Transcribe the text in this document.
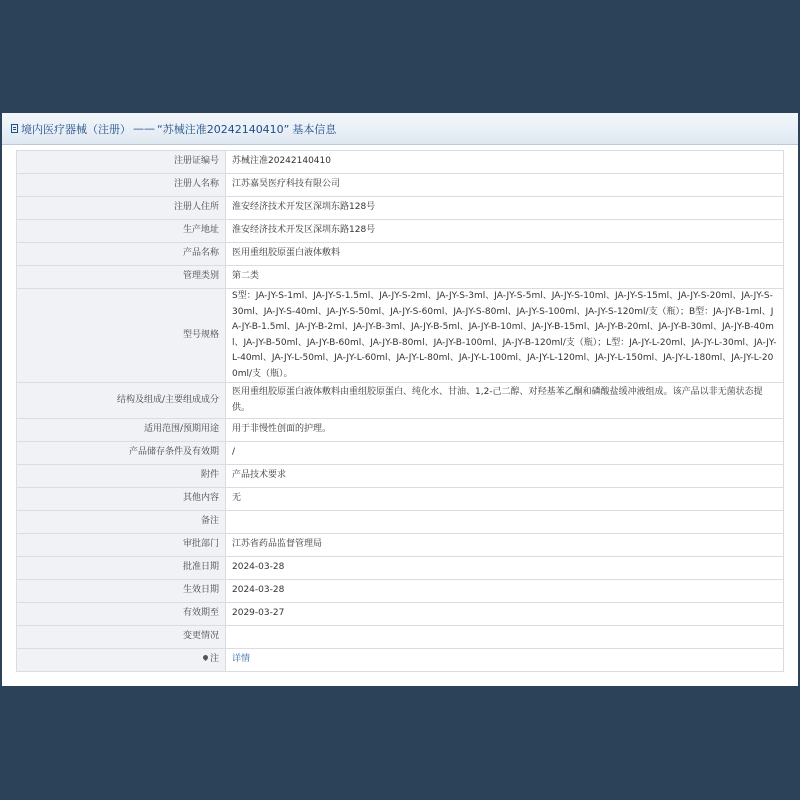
境内医疗器械（注册） —— “苏械注准20242140410” 基本信息
注册证编号	苏械注准20242140410
注册人名称	江苏嘉昊医疗科技有限公司
注册人住所	淮安经济技术开发区深圳东路128号
生产地址	淮安经济技术开发区深圳东路128号
产品名称	医用重组胶原蛋白液体敷料
管理类别	第二类
型号规格	S型：JA-JY-S-1ml、JA-JY-S-1.5ml、JA-JY-S-2ml、JA-JY-S-3ml、JA-JY-S-5ml、JA-JY-S-10ml、JA-JY-S-15ml、JA-JY-S-20ml、JA-JY-S-30ml、JA-JY-S-40ml、JA-JY-S-50ml、JA-JY-S-60ml、JA-JY-S-80ml、JA-JY-S-100ml、JA-JY-S-120ml/支（瓶）；B型：JA-JY-B-1ml、JA-JY-B-1.5ml、JA-JY-B-2ml、JA-JY-B-3ml、JA-JY-B-5ml、JA-JY-B-10ml、JA-JY-B-15ml、JA-JY-B-20ml、JA-JY-B-30ml、JA-JY-B-40ml、JA-JY-B-50ml、JA-JY-B-60ml、JA-JY-B-80ml、JA-JY-B-100ml、JA-JY-B-120ml/支（瓶）；L型：JA-JY-L-20ml、JA-JY-L-30ml、JA-JY-L-40ml、JA-JY-L-50ml、JA-JY-L-60ml、JA-JY-L-80ml、JA-JY-L-100ml、JA-JY-L-120ml、JA-JY-L-150ml、JA-JY-L-180ml、JA-JY-L-200ml/支（瓶）。
结构及组成/主要组成成分	医用重组胶原蛋白液体敷料由重组胶原蛋白、纯化水、甘油、1,2-己二醇、对羟基苯乙酮和磷酸盐缓冲液组成。该产品以非无菌状态提供。
适用范围/预期用途	用于非慢性创面的护理。
产品储存条件及有效期	/
附件	产品技术要求
其他内容	无
备注	
审批部门	江苏省药品监督管理局
批准日期	2024-03-28
生效日期	2024-03-28
有效期至	2029-03-27
变更情况	
注	详情
